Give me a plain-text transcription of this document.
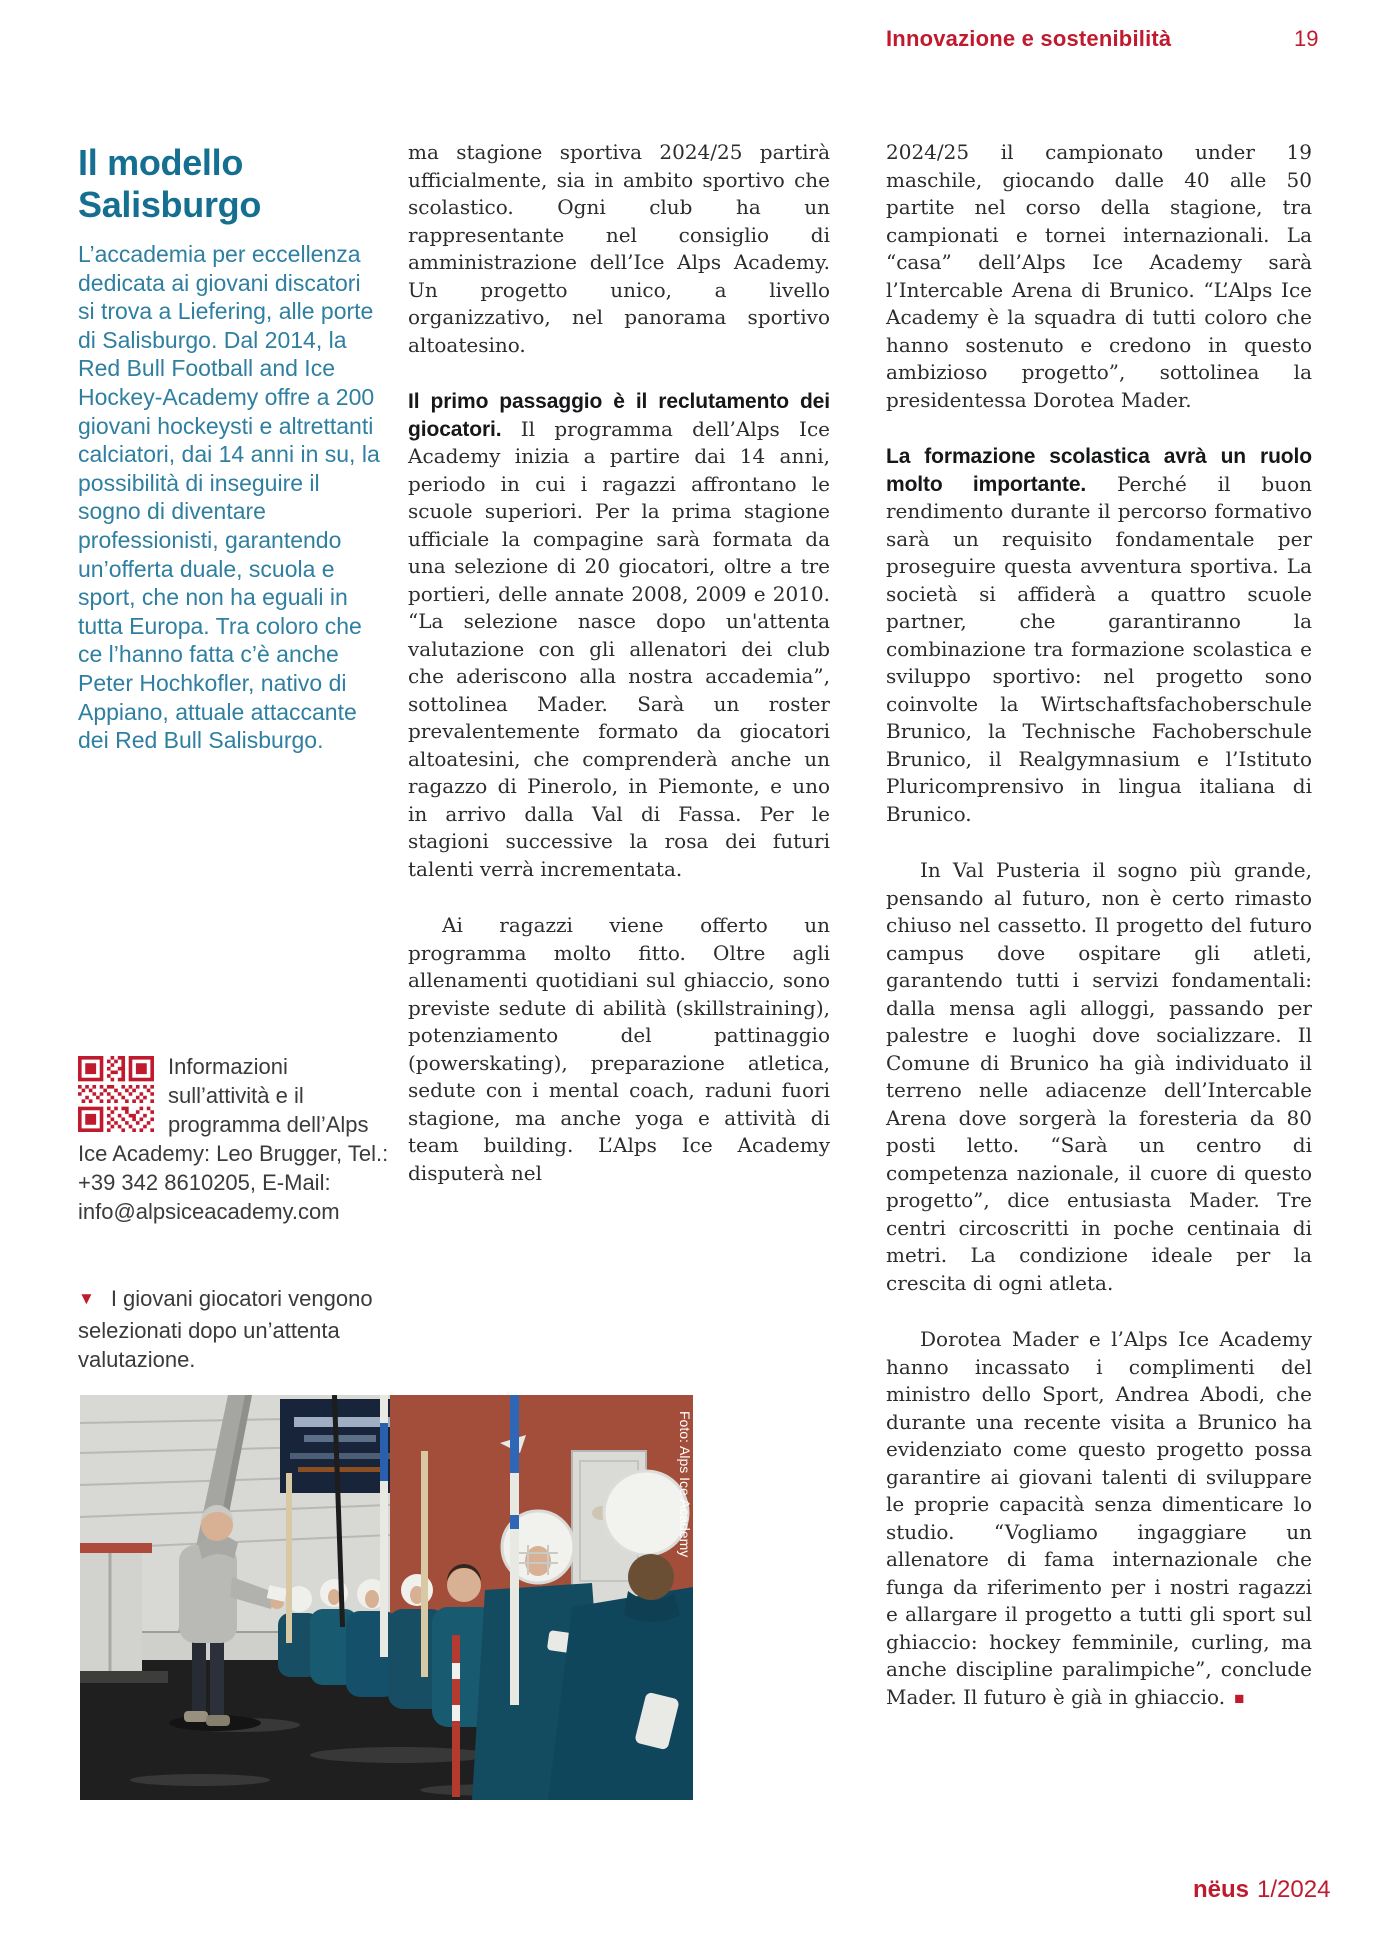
Innovazione e sostenibilità	19
Il modello Salisburgo
L’accademia per eccellenza dedicata ai giovani discatori si trova a Liefering, alle porte di Salisburgo. Dal 2014, la Red Bull Football and Ice Hockey-Academy offre a 200 giovani hockeysti e altrettanti calciatori, dai 14 anni in su, la possibilità di inseguire il sogno di diventare professionisti, garantendo un’offerta duale, scuola e sport, che non ha eguali in tutta Europa. Tra coloro che ce l’hanno fatta c’è anche Peter Hochkofler, nativo di Appiano, attuale attaccante dei Red Bull Salisburgo.
Informazioni sull’attività e il programma dell’Alps Ice Academy: Leo Brugger, Tel.: +39 342 8610205, E-Mail: info@alpsiceacademy.com
▼ I giovani giocatori vengono selezionati dopo un’attenta valutazione.
Foto: Alps Ice Academy

ma stagione sportiva 2024/25 partirà ufficialmente, sia in ambito sportivo che scolastico. Ogni club ha un rappresentante nel consiglio di amministrazione dell’Ice Alps Academy. Un progetto unico, a livello organizzativo, nel panorama sportivo altoatesino.

Il primo passaggio è il reclutamento dei giocatori. Il programma dell’Alps Ice Academy inizia a partire dai 14 anni, periodo in cui i ragazzi affrontano le scuole superiori. Per la prima stagione ufficiale la compagine sarà formata da una selezione di 20 giocatori, oltre a tre portieri, delle annate 2008, 2009 e 2010. “La selezione nasce dopo un'attenta valutazione con gli allenatori dei club che aderiscono alla nostra accademia”, sottolinea Mader. Sarà un roster prevalentemente formato da giocatori altoatesini, che comprenderà anche un ragazzo di Pinerolo, in Piemonte, e uno in arrivo dalla Val di Fassa. Per le stagioni successive la rosa dei futuri talenti verrà incrementata.

Ai ragazzi viene offerto un programma molto fitto. Oltre agli allenamenti quotidiani sul ghiaccio, sono previste sedute di abilità (skillstraining), potenziamento del pattinaggio (powerskating), preparazione atletica, sedute con i mental coach, raduni fuori stagione, ma anche yoga e attività di team building. L’Alps Ice Academy disputerà nel

2024/25 il campionato under 19 maschile, giocando dalle 40 alle 50 partite nel corso della stagione, tra campionati e tornei internazionali. La “casa” dell’Alps Ice Academy sarà l’Intercable Arena di Brunico. “L’Alps Ice Academy è la squadra di tutti coloro che hanno sostenuto e credono in questo ambizioso progetto”, sottolinea la presidentessa Dorotea Mader.

La formazione scolastica avrà un ruolo molto importante. Perché il buon rendimento durante il percorso formativo sarà un requisito fondamentale per proseguire questa avventura sportiva. La società si affiderà a quattro scuole partner, che garantiranno la combinazione tra formazione scolastica e sviluppo sportivo: nel progetto sono coinvolte la Wirtschaftsfachoberschule Brunico, la Technische Fachoberschule Brunico, il Realgymnasium e l’Istituto Pluricomprensivo in lingua italiana di Brunico.

In Val Pusteria il sogno più grande, pensando al futuro, non è certo rimasto chiuso nel cassetto. Il progetto del futuro campus dove ospitare gli atleti, garantendo tutti i servizi fondamentali: dalla mensa agli alloggi, passando per palestre e luoghi dove socializzare. Il Comune di Brunico ha già individuato il terreno nelle adiacenze dell’Intercable Arena dove sorgerà la foresteria da 80 posti letto. “Sarà un centro di competenza nazionale, il cuore di questo progetto”, dice entusiasta Mader. Tre centri circoscritti in poche centinaia di metri. La condizione ideale per la crescita di ogni atleta.

Dorotea Mader e l’Alps Ice Academy hanno incassato i complimenti del ministro dello Sport, Andrea Abodi, che durante una recente visita a Brunico ha evidenziato come questo progetto possa garantire ai giovani talenti di sviluppare le proprie capacità senza dimenticare lo studio. “Vogliamo ingaggiare un allenatore di fama internazionale che funga da riferimento per i nostri ragazzi e allargare il progetto a tutti gli sport sul ghiaccio: hockey femminile, curling, ma anche discipline paralimpiche”, conclude Mader. Il futuro è già in ghiaccio. ■

nëus 1/2024
